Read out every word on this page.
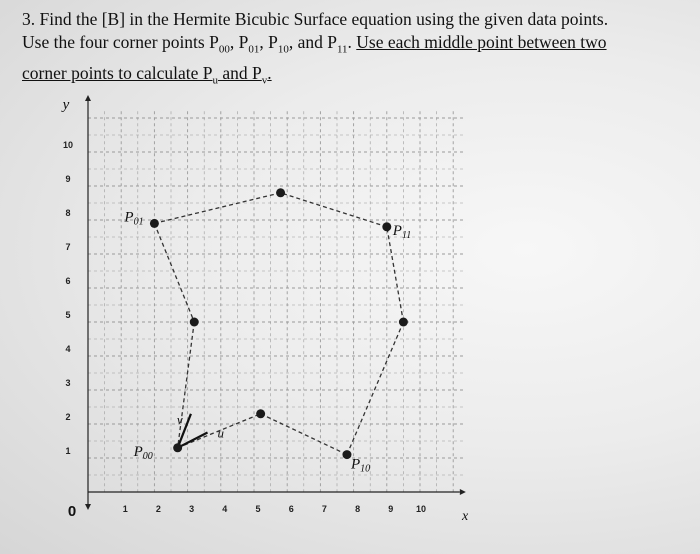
3. Find the [B] in the Hermite Bicubic Surface equation using the given data points.
Use the four corner points $P_{00}$, $P_{01}$, $P_{10}$, and $P_{11}$. Use each middle point between two
corner points to calculate $P_u$ and $P_v$.
1	2	3	4	5	6	7	8	9	10
1
2
3
4
5
6
7
8
9
10
0	x
y
u
v
$P_{00}$
$P_{01}$
$P_{10}$
$P_{11}$
